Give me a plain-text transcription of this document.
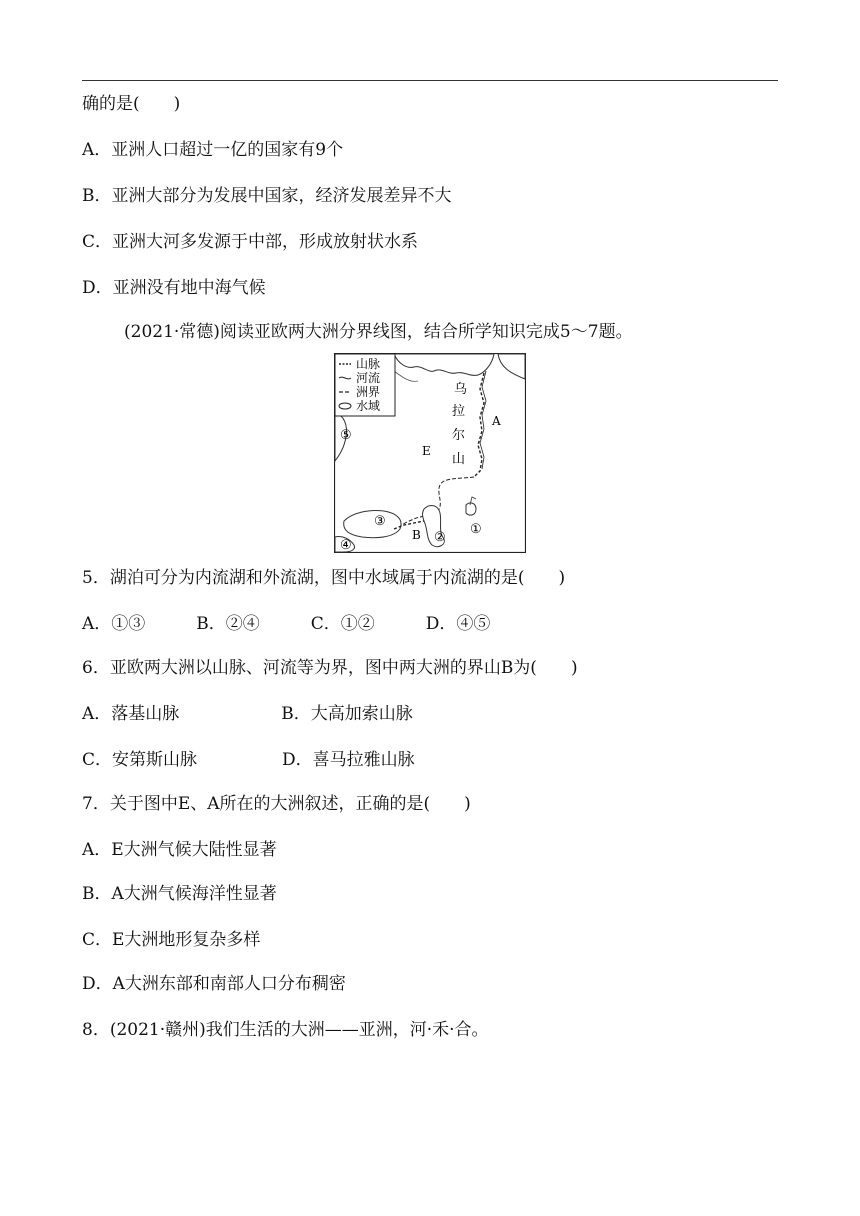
确的是(　　)
A．亚洲人口超过一亿的国家有9个
B．亚洲大部分为发展中国家，经济发展差异不大
C．亚洲大河多发源于中部，形成放射状水系
D．亚洲没有地中海气候
(2021·常德)阅读亚欧两大洲分界线图，结合所学知识完成5～7题。
山脉
河流
洲界
水域
乌
拉
尔
山
A
E
B	①
②
③
④
⑤
5．湖泊可分为内流湖和外流湖，图中水域属于内流湖的是(　　)
A．①③　　　B．②④　　　C．①②　　　D．④⑤
6．亚欧两大洲以山脉、河流等为界，图中两大洲的界山B为(　　)
A．落基山脉　　　　　　B．大高加索山脉
C．安第斯山脉　　　　　D．喜马拉雅山脉
7．关于图中E、A所在的大洲叙述，正确的是(　　)
A．E大洲气候大陆性显著
B．A大洲气候海洋性显著
C．E大洲地形复杂多样
D．A大洲东部和南部人口分布稠密
8．(2021·赣州)我们生活的大洲——亚洲，河·禾·合。
